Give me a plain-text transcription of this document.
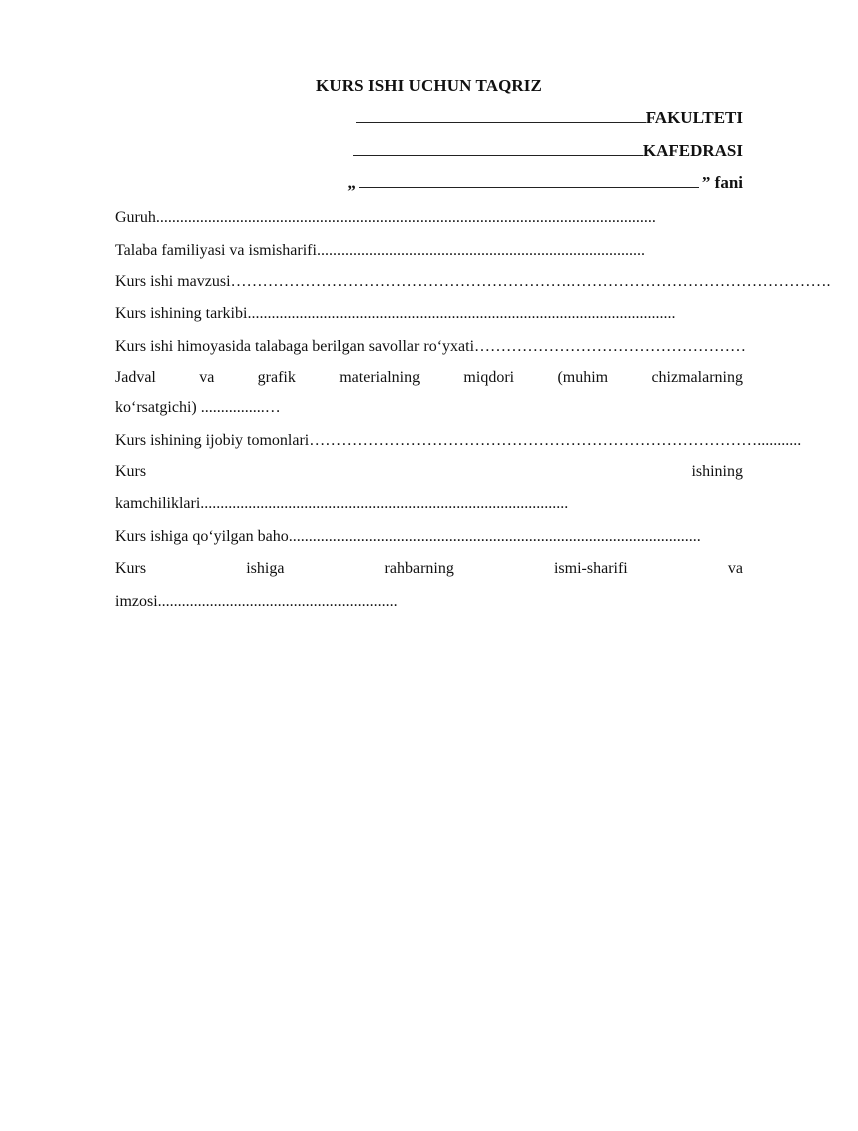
KURS ISHI UCHUN TAQRIZ
FAKULTETI
KAFEDRASI
„	” fani
Guruh.............................................................................................................................
Talaba familiyasi va ismisharifi..................................................................................
Kurs ishi mavzusi……………………………………………………….………………………………………….
Kurs ishining tarkibi...........................................................................................................
Kurs ishi himoyasida talabaga berilgan savollar ro‘yxati……………………………………………
Jadval	va	grafik	materialning	miqdori	(muhim	chizmalarning
ko‘rsatgichi) ................…
Kurs ishining ijobiy tomonlari…………………………………………………………………………...........
Kurs	ishining
kamchiliklari............................................................................................
Kurs ishiga qo‘yilgan baho.......................................................................................................
Kurs	ishiga	rahbarning	ismi-sharifi	va
imzosi............................................................
